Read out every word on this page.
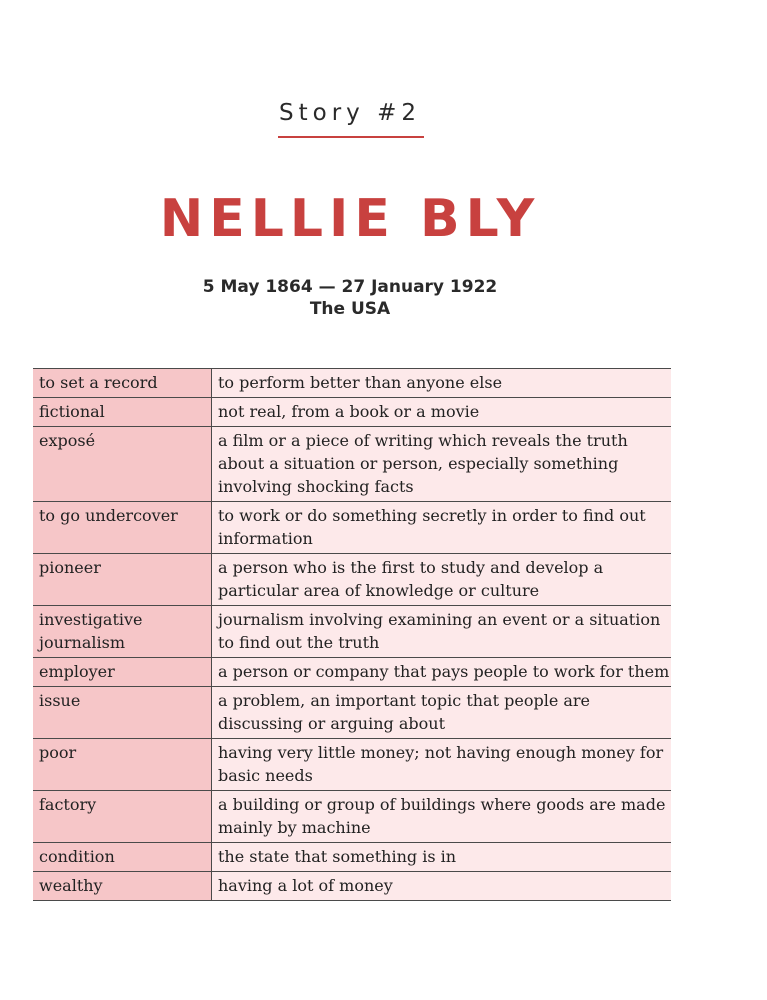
Story #2
NELLIE BLY
5 May 1864 — 27 January 1922
The USA
to set a record	to perform better than anyone else
fictional	not real, from a book or a movie
exposé	a film or a piece of writing which reveals the truth about a situation or person, especially something involving shocking facts
to go undercover	to work or do something secretly in order to find out information
pioneer	a person who is the first to study and develop a particular area of knowledge or culture
investigative journalism	journalism involving examining an event or a situation to find out the truth
employer	a person or company that pays people to work for them
issue	a problem, an important topic that people are discussing or arguing about
poor	having very little money; not having enough money for basic needs
factory	a building or group of buildings where goods are made mainly by machine
condition	the state that something is in
wealthy	having a lot of money
